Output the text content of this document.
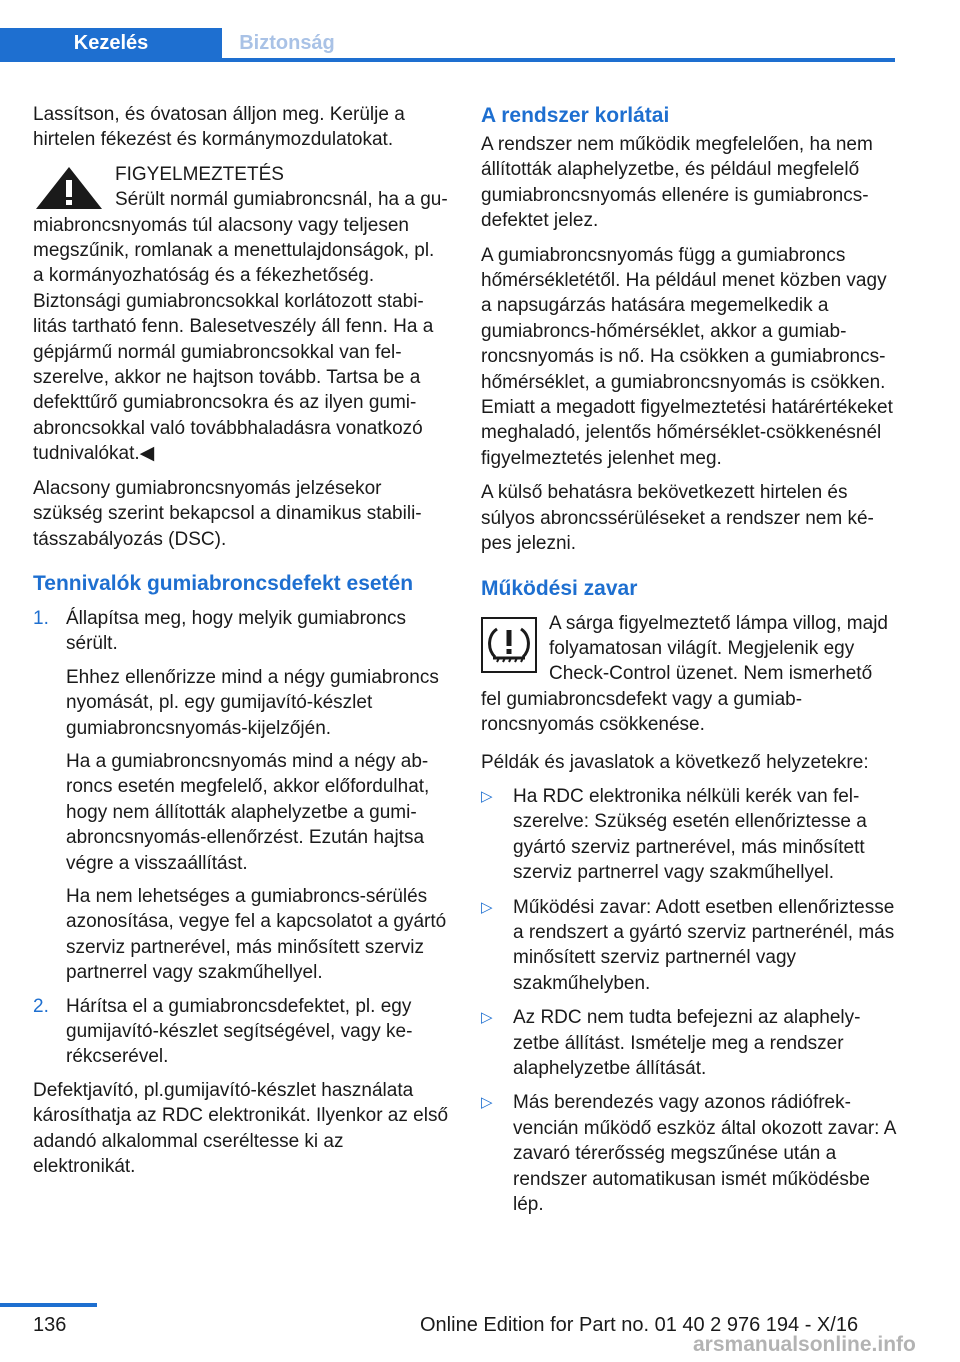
Kezelés	Biztonság

Lassítson, és óvatosan álljon meg. Kerülje a hirtelen fékezést és kormánymozdulatokat.

FIGYELMEZTETÉS
Sérült normál gumiabroncsnál, ha a gumiabroncsnyomás túl alacsony vagy teljesen megszűnik, romlanak a menettulajdonságok, pl. a kormányozhatóság és a fékezhetőség. Biztonsági gumiabroncsokkal korlátozott stabilitás tartható fenn. Balesetveszély áll fenn. Ha a gépjármű normál gumiabroncsokkal van felszerelve, akkor ne hajtson tovább. Tartsa be a defekttűrő gumiabroncsokra és az ilyen gumiabroncsokkal való továbbhaladásra vonatkozó tudnivalókat.◀

Alacsony gumiabroncsnyomás jelzésekor szükség szerint bekapcsol a dinamikus stabilitásszabályozás (DSC).

Tennivalók gumiabroncsdefekt esetén
1. Állapítsa meg, hogy melyik gumiabroncs sérült.

Ehhez ellenőrizze mind a négy gumiabroncs nyomását, pl. egy gumijavító-készlet gumiabroncsnyomás-kijelzőjén.

Ha a gumiabroncsnyomás mind a négy abroncs esetén megfelelő, akkor előfordulhat, hogy nem állították alaphelyzetbe a gumiabroncsnyomás-ellenőrzést. Ezután hajtsa végre a visszaállítást.

Ha nem lehetséges a gumiabroncs-sérülés azonosítása, vegye fel a kapcsolatot a gyártó szerviz partnerével, más minősített szerviz partnerrel vagy szakműhellyel.

2. Hárítsa el a gumiabroncsdefektet, pl. egy gumijavító-készlet segítségével, vagy kerékcserével.

Defektjavító, pl.gumijavító-készlet használata károsíthatja az RDC elektronikát. Ilyenkor az első adandó alkalommal cseréltesse ki az elektronikát.

A rendszer korlátai

A rendszer nem működik megfelelően, ha nem állították alaphelyzetbe, és például megfelelő gumiabroncsnyomás ellenére is gumiabroncsdefektet jelez.

A gumiabroncsnyomás függ a gumiabroncs hőmérsékletétől. Ha például menet közben vagy a napsugárzás hatására megemelkedik a gumiabroncs-hőmérséklet, akkor a gumiabroncsnyomás is nő. Ha csökken a gumiabroncs-hőmérséklet, a gumiabroncsnyomás is csökken. Emiatt a megadott figyelmeztetési határértékeket meghaladó, jelentős hőmérséklet-csökkenésnél figyelmeztetés jelenhet meg.

A külső behatásra bekövetkezett hirtelen és súlyos abroncssérüléseket a rendszer nem képes jelezni.

Működési zavar
A sárga figyelmeztető lámpa villog, majd folyamatosan világít. Megjelenik egy Check-Control üzenet. Nem ismerhető fel gumiabroncsdefekt vagy a gumiabroncsnyomás csökkenése.

Példák és javaslatok a következő helyzetekre:

▷ Ha RDC elektronika nélküli kerék van felszerelve: Szükség esetén ellenőriztesse a gyártó szerviz partnerével, más minősített szerviz partnerrel vagy szakműhellyel.
▷ Működési zavar: Adott esetben ellenőriztesse a rendszert a gyártó szerviz partnerénél, más minősített szerviz partnernél vagy szakműhelyben.
▷ Az RDC nem tudta befejezni az alaphelyzetbe állítást. Ismételje meg a rendszer alaphelyzetbe állítását.
▷ Más berendezés vagy azonos rádiófrekvencián működő eszköz által okozott zavar: A zavaró térerősség megszűnése után a rendszer automatikusan ismét működésbe lép.
136	Online Edition for Part no. 01 40 2 976 194 - X/16
arsmanualsonline.info
